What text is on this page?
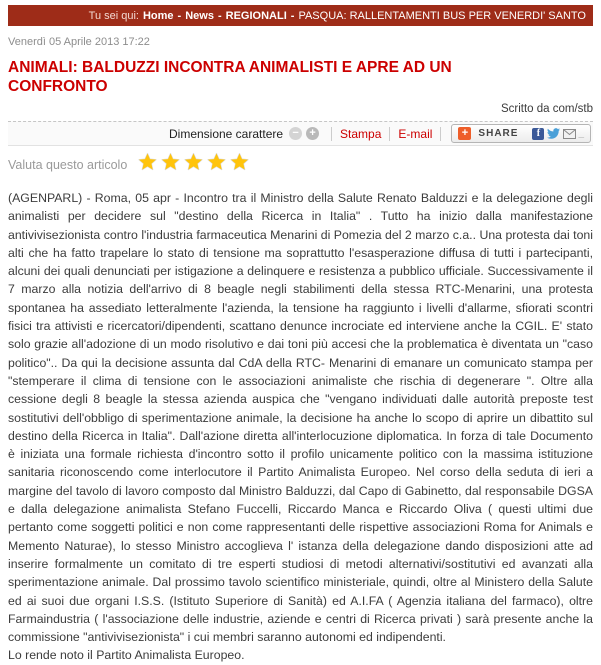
Tu sei qui: Home - News - REGIONALI - PASQUA: RALLENTAMENTI BUS PER VENERDI' SANTO
Venerdì 05 Aprile 2013 17:22
ANIMALI: BALDUZZI INCONTRA ANIMALISTI E APRE AD UN CONFRONTO
Scritto da com/stb
Dimensione carattere − + Stampa E-mail	+	SHARE	f	_
Valuta questo articolo

(AGENPARL) - Roma, 05 apr - Incontro tra il Ministro della Salute Renato Balduzzi e la delegazione degli animalisti per decidere sul "destino della Ricerca in Italia" . Tutto ha inizio dalla manifestazione antivivisezionista contro l'industria farmaceutica Menarini di Pomezia del 2 marzo c.a.. Una protesta dai toni alti che ha fatto trapelare lo stato di tensione ma soprattutto l'esasperazione diffusa di tutti i partecipanti, alcuni dei quali denunciati per istigazione a delinquere e resistenza a pubblico ufficiale. Successivamente il 7 marzo alla notizia dell'arrivo di 8 beagle negli stabilimenti della stessa RTC-Menarini, una protesta spontanea ha assediato letteralmente l'azienda, la tensione ha raggiunto i livelli d'allarme, sfiorati scontri fisici tra attivisti e ricercatori/dipendenti, scattano denunce incrociate ed interviene anche la CGIL. E' stato solo grazie all'adozione di un modo risolutivo e dai toni più accesi che la problematica è diventata un "caso politico".. Da qui la decisione assunta dal CdA della RTC- Menarini di emanare un comunicato stampa per "stemperare il clima di tensione con le associazioni animaliste che rischia di degenerare ". Oltre alla cessione degli 8 beagle la stessa azienda auspica che "vengano individuati dalle autorità preposte test sostitutivi dell'obbligo di sperimentazione animale, la decisione ha anche lo scopo di aprire un dibattito sul destino della Ricerca in Italia". Dall'azione diretta all'interlocuzione diplomatica. In forza di tale Documento è iniziata una formale richiesta d'incontro sotto il profilo unicamente politico con la massima istituzione sanitaria riconoscendo come interlocutore il Partito Animalista Europeo. Nel corso della seduta di ieri a margine del tavolo di lavoro composto dal Ministro Balduzzi, dal Capo di Gabinetto, dal responsabile DGSA e dalla delegazione animalista Stefano Fuccelli, Riccardo Manca e Riccardo Oliva ( questi ultimi due pertanto come soggetti politici e non come rappresentanti delle rispettive associazioni Roma for Animals e Memento Naturae), lo stesso Ministro accoglieva l' istanza della delegazione dando disposizioni atte ad inserire formalmente un comitato di tre esperti studiosi di metodi alternativi/sostitutivi ed avanzati alla sperimentazione animale. Dal prossimo tavolo scientifico ministeriale, quindi, oltre al Ministero della Salute ed ai suoi due organi I.S.S. (Istituto Superiore di Sanità) ed A.I.FA ( Agenzia italiana del farmaco), oltre Farmaindustria ( l'associazione delle industrie, aziende e centri di Ricerca privati ) sarà presente anche la commissione "antivivisezionista" i cui membri saranno autonomi ed indipendenti.

Lo rende noto il Partito Animalista Europeo.
